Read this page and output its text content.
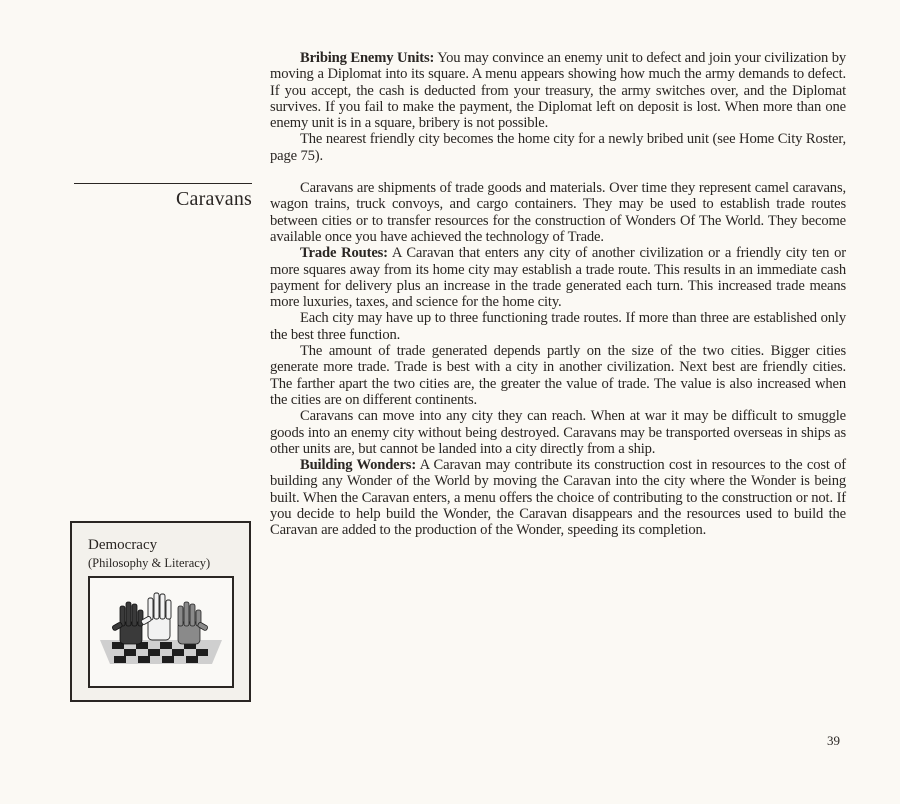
Bribing Enemy Units: You may convince an enemy unit to defect and join your civilization by moving a Diplomat into its square. A menu appears showing how much the army demands to defect. If you accept, the cash is deducted from your treasury, the army switches over, and the Diplomat survives. If you fail to make the payment, the Diplomat left on deposit is lost. When more than one enemy unit is in a square, bribery is not possible.

The nearest friendly city becomes the home city for a newly bribed unit (see Home City Roster, page 75).

Caravans are shipments of trade goods and materials. Over time they represent camel caravans, wagon trains, truck convoys, and cargo containers. They may be used to establish trade routes between cities or to transfer resources for the construction of Wonders Of The World. They become available once you have achieved the technology of Trade.

Trade Routes: A Caravan that enters any city of another civilization or a friendly city ten or more squares away from its home city may establish a trade route. This results in an immediate cash payment for delivery plus an increase in the trade generated each turn. This increased trade means more luxuries, taxes, and science for the home city.

Each city may have up to three functioning trade routes. If more than three are established only the best three function.

The amount of trade generated depends partly on the size of the two cities. Bigger cities generate more trade. Trade is best with a city in another civilization. Next best are friendly cities. The farther apart the two cities are, the greater the value of trade. The value is also increased when the cities are on different continents.

Caravans can move into any city they can reach. When at war it may be difficult to smuggle goods into an enemy city without being destroyed. Caravans may be transported overseas in ships as other units are, but cannot be landed into a city directly from a ship.

Building Wonders: A Caravan may contribute its construction cost in resources to the cost of building any Wonder of the World by moving the Caravan into the city where the Wonder is being built. When the Caravan enters, a menu offers the choice of contributing to the construction or not. If you decide to help build the Wonder, the Caravan disappears and the resources used to build the Caravan are added to the production of the Wonder, speeding its completion.

Caravans
Democracy
(Philosophy & Literacy)
39
